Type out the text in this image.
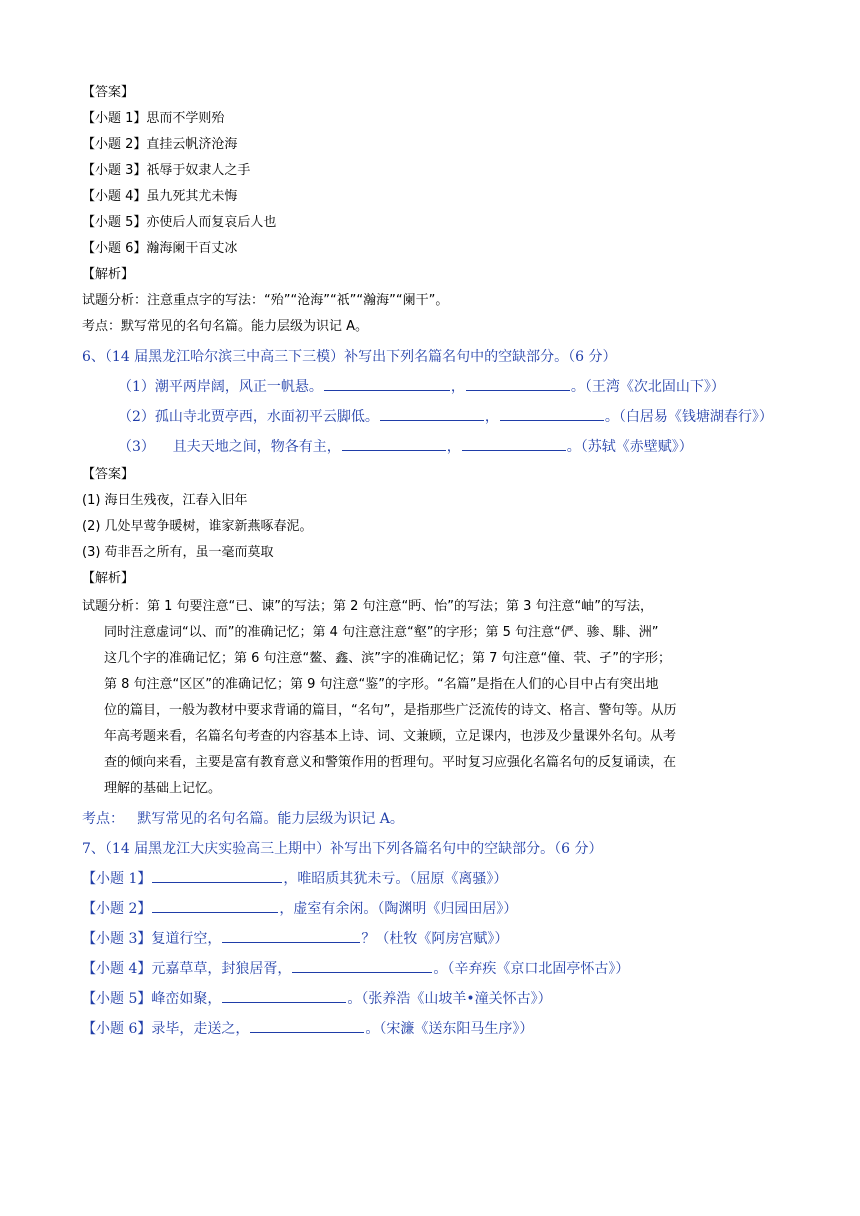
【答案】
【小题 1】思而不学则殆
【小题 2】直挂云帆济沧海
【小题 3】祇辱于奴隶人之手
【小题 4】虽九死其尤未悔
【小题 5】亦使后人而复哀后人也
【小题 6】瀚海阑干百丈冰
【解析】
试题分析：注意重点字的写法：“殆”“沧海”“祇”“瀚海”“阑干”。
考点：默写常见的名句名篇。能力层级为识记 A。
6、（14 届黑龙江哈尔滨三中高三下三模）补写出下列名篇名句中的空缺部分。（6 分）
（1）潮平两岸阔，风正一帆悬。	，	。（王湾《次北固山下》）
（2）孤山寺北贾亭西，水面初平云脚低。	，	。（白居易《钱塘湖春行》）
（3）    且夫天地之间，物各有主，	，	。（苏轼《赤壁赋》）
【答案】
(1) 海日生残夜，江春入旧年
(2) 几处早莺争暖树，谁家新燕啄春泥。
(3) 苟非吾之所有，虽一毫而莫取
【解析】
试题分析：第 1 句要注意“已、谏”的写法；第 2 句注意“眄、怡”的写法；第 3 句注意“岫”的写法，
同时注意虚词“以、而”的准确记忆；第 4 句注意注意“壑”的字形；第 5 句注意“俨、骖、騑、洲”
这几个字的准确记忆；第 6 句注意“鳌、鑫、滨”字的准确记忆；第 7 句注意“僮、茕、孑”的字形；
第 8 句注意“区区”的准确记忆；第 9 句注意“鉴”的字形。“名篇”是指在人们的心目中占有突出地
位的篇目，一般为教材中要求背诵的篇目，“名句”，是指那些广泛流传的诗文、格言、警句等。从历
年高考题来看，名篇名句考查的内容基本上诗、词、文兼顾，立足课内，也涉及少量课外名句。从考
查的倾向来看，主要是富有教育意义和警策作用的哲理句。平时复习应强化名篇名句的反复诵读，在
理解的基础上记忆。
考点：   默写常见的名句名篇。能力层级为识记 A。
7、（14 届黑龙江大庆实验高三上期中）补写出下列各篇名句中的空缺部分。（6 分）
【小题 1】	，唯昭质其犹未亏。（屈原《离骚》）
【小题 2】	，虚室有余闲。（陶渊明《归园田居》）
【小题 3】复道行空，	？（杜牧《阿房宫赋》）
【小题 4】元嘉草草，封狼居胥，	。（辛弃疾《京口北固亭怀古》）
【小题 5】峰峦如聚，	。（张养浩《山坡羊•潼关怀古》）
【小题 6】录毕，走送之，	。（宋濂《送东阳马生序》）
